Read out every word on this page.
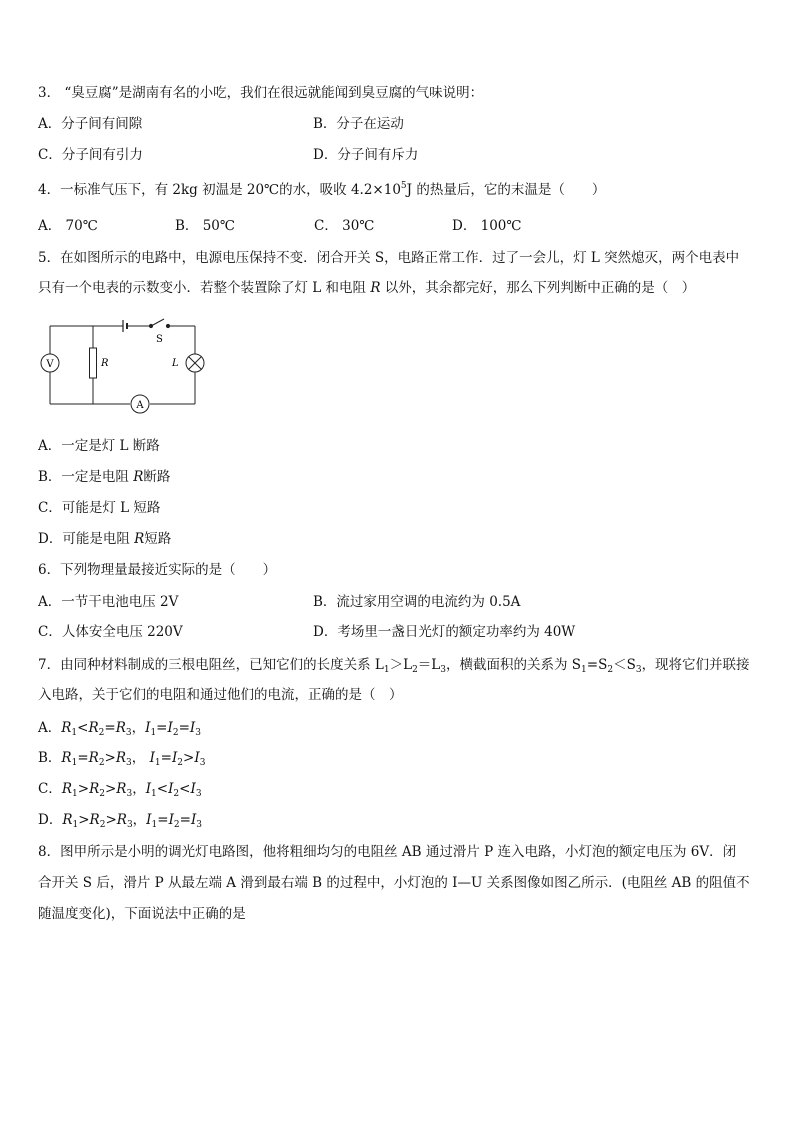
3． “臭豆腐”是湖南有名的小吃，我们在很远就能闻到臭豆腐的气味说明：
A．分子间有间隙	B．分子在运动
C．分子间有引力	D．分子间有斥力
4．一标准气压下，有 2kg 初温是 20℃的水，吸收 $4.2\times 10^5J$ 的热量后，它的末温是（　　）
A． 70℃	B． 50℃	C． 30℃	D． 100℃
5．在如图所示的电路中，电源电压保持不变．闭合开关 S，电路正常工作．过了一会儿，灯 L 突然熄灭，两个电表中
只有一个电表的示数变小．若整个装置除了灯 L 和电阻 R 以外，其余都完好，那么下列判断中正确的是（　）
V	R	L
S
A
A．一定是灯 L 断路
B．一定是电阻 R断路
C．可能是灯 L 短路
D．可能是电阻 R短路
6．下列物理量最接近实际的是（　　）
A．一节干电池电压 2V	B．流过家用空调的电流约为 0.5A
C．人体安全电压 220V	D．考场里一盏日光灯的额定功率约为 40W
7．由同种材料制成的三根电阻丝，已知它们的长度关系 $L_1>L_2=L_3$，横截面积的关系为 $S_1=S_2<S_3$，现将它们并联接
入电路，关于它们的电阻和通过他们的电流，正确的是（　）
A．$R_1<R_2=R_3$，$I_1=I_2=I_3$
B．$R_1=R_2>R_3$， $I_1=I_2>I_3$
C．$R_1>R_2>R_3$，$I_1<I_2<I_3$
D．$R_1>R_2>R_3$，$I_1=I_2=I_3$
8．图甲所示是小明的调光灯电路图，他将粗细均匀的电阻丝 AB 通过滑片 P 连入电路，小灯泡的额定电压为 6V．闭
合开关 S 后，滑片 P 从最左端 A 滑到最右端 B 的过程中，小灯泡的 I—U 关系图像如图乙所示．(电阻丝 AB 的阻值不
随温度变化)，下面说法中正确的是
